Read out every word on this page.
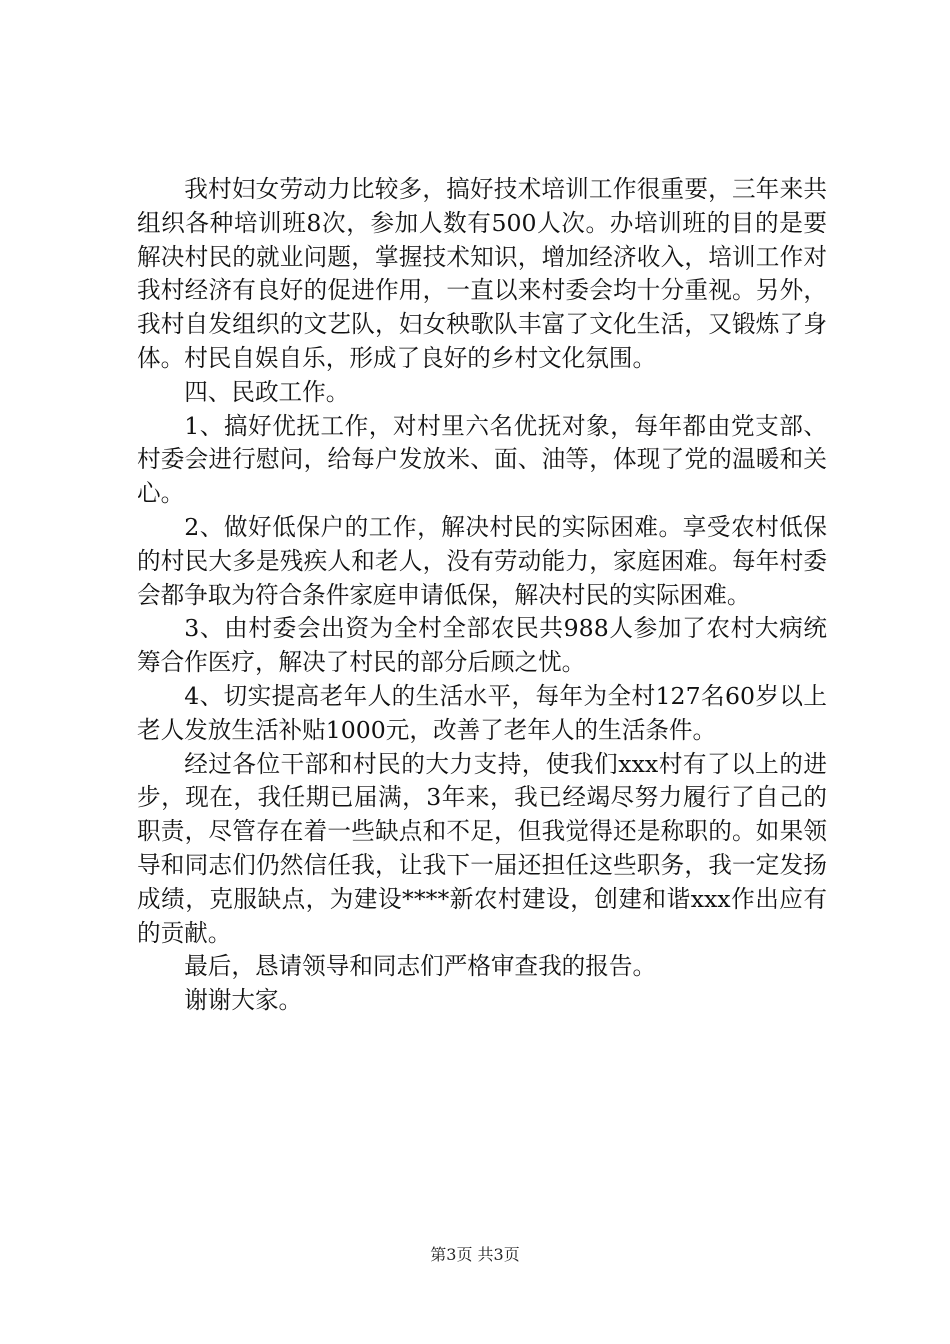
我村妇女劳动力比较多，搞好技术培训工作很重要，三年来共组织各种培训班8次，参加人数有500人次。办培训班的目的是要解决村民的就业问题，掌握技术知识，增加经济收入，培训工作对我村经济有良好的促进作用，一直以来村委会均十分重视。另外，我村自发组织的文艺队，妇女秧歌队丰富了文化生活，又锻炼了身体。村民自娱自乐，形成了良好的乡村文化氛围。

四、民政工作。

1、搞好优抚工作，对村里六名优抚对象，每年都由党支部、村委会进行慰问，给每户发放米、面、油等，体现了党的温暖和关心。

2、做好低保户的工作，解决村民的实际困难。享受农村低保的村民大多是残疾人和老人，没有劳动能力，家庭困难。每年村委会都争取为符合条件家庭申请低保，解决村民的实际困难。

3、由村委会出资为全村全部农民共988人参加了农村大病统筹合作医疗，解决了村民的部分后顾之忧。

4、切实提高老年人的生活水平，每年为全村127名60岁以上老人发放生活补贴1000元，改善了老年人的生活条件。

经过各位干部和村民的大力支持，使我们xxx村有了以上的进步，现在，我任期已届满，3年来，我已经竭尽努力履行了自己的职责，尽管存在着一些缺点和不足，但我觉得还是称职的。如果领导和同志们仍然信任我，让我下一届还担任这些职务，我一定发扬成绩，克服缺点，为建设****新农村建设，创建和谐xxx作出应有的贡献。

最后，恳请领导和同志们严格审查我的报告。

谢谢大家。

第3页 共3页
